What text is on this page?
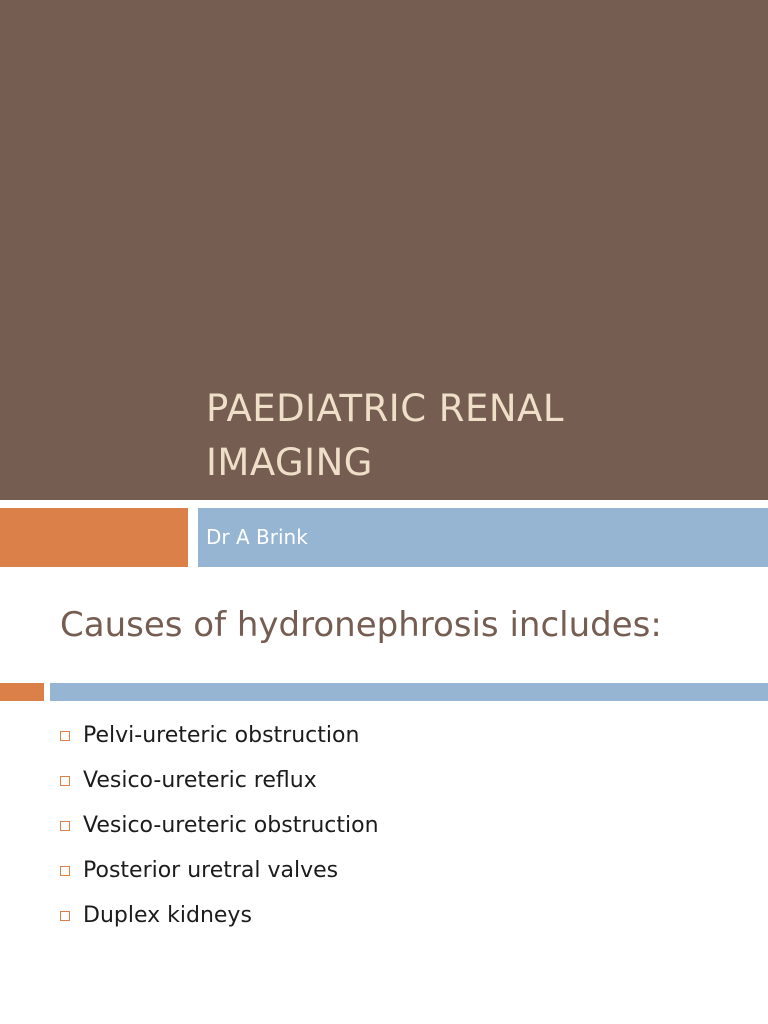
PAEDIATRIC RENAL
IMAGING
Dr A Brink
Causes of hydronephrosis includes:
Pelvi-ureteric obstruction
Vesico-ureteric reflux
Vesico-ureteric obstruction
Posterior uretral valves
Duplex kidneys
